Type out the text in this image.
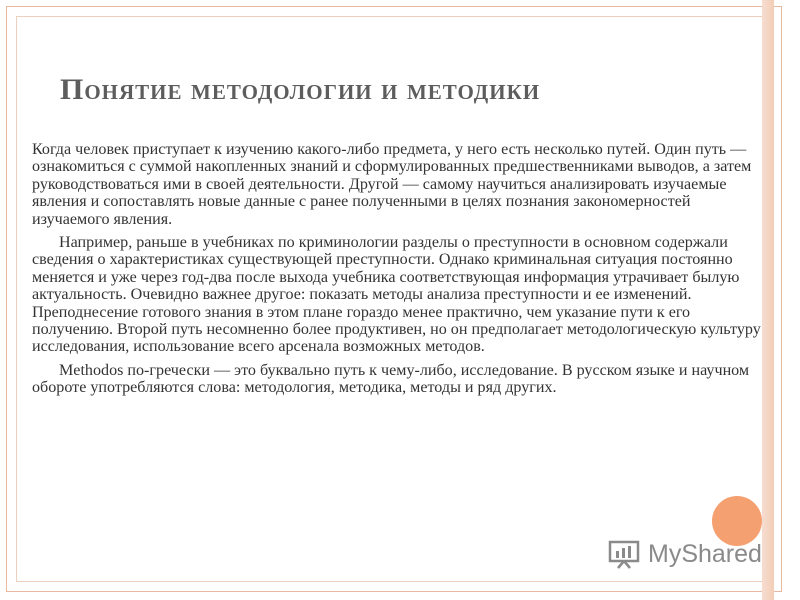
Понятие методологии и методики

Когда человек приступает к изучению какого-либо предмета, у него есть несколько путей. Один путь — ознакомиться с суммой накопленных знаний и сформулированных предшественниками выводов, а затем руководствоваться ими в своей деятельности. Другой — самому научиться анализировать изучаемые явления и сопоставлять новые данные с ранее полученными в целях познания закономерностей изучаемого явления.

Например, раньше в учебниках по криминологии разделы о преступности в основном содержали сведения о характеристиках существующей преступности. Однако криминальная ситуация постоянно меняется и уже через год-два после выхода учебника соответствующая информация утрачивает былую актуальность. Очевидно важнее другое: показать методы анализа преступности и ее изменений. Преподнесение готового знания в этом плане гораздо менее практично, чем указание пути к его получению. Второй путь несомненно более продуктивен, но он предполагает методологическую культуру исследования, использование всего арсенала возможных методов.

Methodos по-гречески — это буквально путь к чему-либо, исследование. В русском языке и научном обороте употребляются слова: методология, методика, методы и ряд других.

MyShared
